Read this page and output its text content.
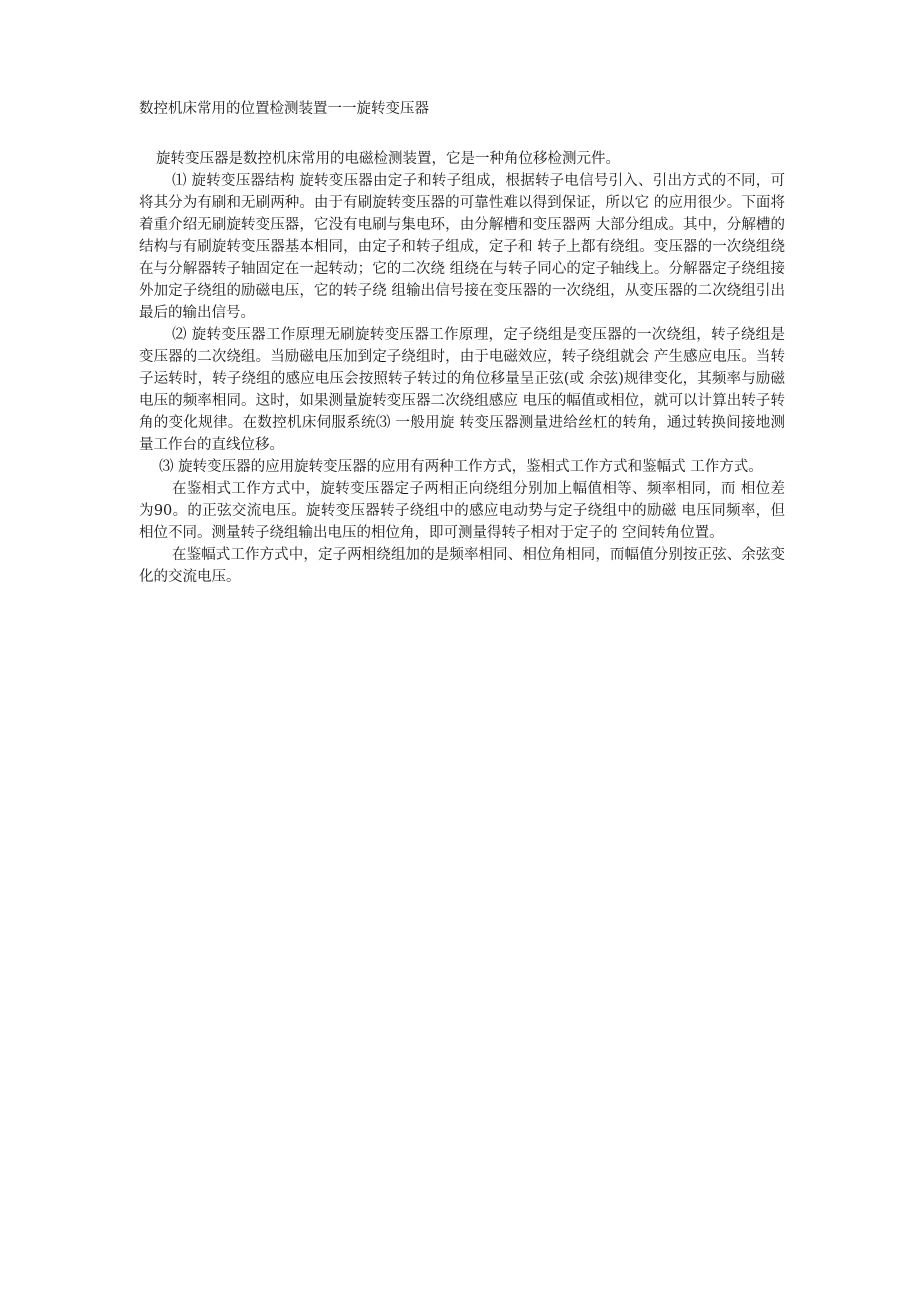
数控机床常用的位置检测装置一一旋转变压器

旋转变压器是数控机床常用的电磁检测装置，它是一种角位移检测元件。

⑴ 旋转变压器结构 旋转变压器由定子和转子组成，根据转子电信号引入、引出方式的不同，可将其分为有刷和无刷两种。由于有刷旋转变压器的可靠性难以得到保证，所以它 的应用很少。下面将着重介绍无刷旋转变压器，它没有电刷与集电环，由分解槽和变压器两 大部分组成。其中，分解槽的结构与有刷旋转变压器基本相同，由定子和转子组成，定子和 转子上都有绕组。变压器的一次绕组绕在与分解器转子轴固定在一起转动；它的二次绕 组绕在与转子同心的定子轴线上。分解器定子绕组接外加定子绕组的励磁电压，它的转子绕 组输出信号接在变压器的一次绕组，从变压器的二次绕组引出最后的输出信号。

⑵ 旋转变压器工作原理无刷旋转变压器工作原理，定子绕组是变压器的一次绕组，转子绕组是变压器的二次绕组。当励磁电压加到定子绕组时，由于电磁效应，转子绕组就会 产生感应电压。当转子运转时，转子绕组的感应电压会按照转子转过的角位移量呈正弦(或 余弦)规律变化，其频率与励磁电压的频率相同。这时，如果测量旋转变压器二次绕组感应 电压的幅值或相位，就可以计算出转子转角的变化规律。在数控机床伺服系统⑶ 一般用旋 转变压器测量进给丝杠的转角，通过转换间接地测量工作台的直线位移。

⑶ 旋转变压器的应用旋转变压器的应用有两种工作方式，鉴相式工作方式和鉴幅式 工作方式。

在鉴相式工作方式中，旋转变压器定子两相正向绕组分别加上幅值相等、频率相同，而 相位差为90。的正弦交流电压。旋转变压器转子绕组中的感应电动势与定子绕组中的励磁 电压同频率，但相位不同。测量转子绕组输出电压的相位角，即可测量得转子相对于定子的 空间转角位置。

在鉴幅式工作方式中，定子两相绕组加的是频率相同、相位角相同，而幅值分别按正弦、余弦变化的交流电压。
